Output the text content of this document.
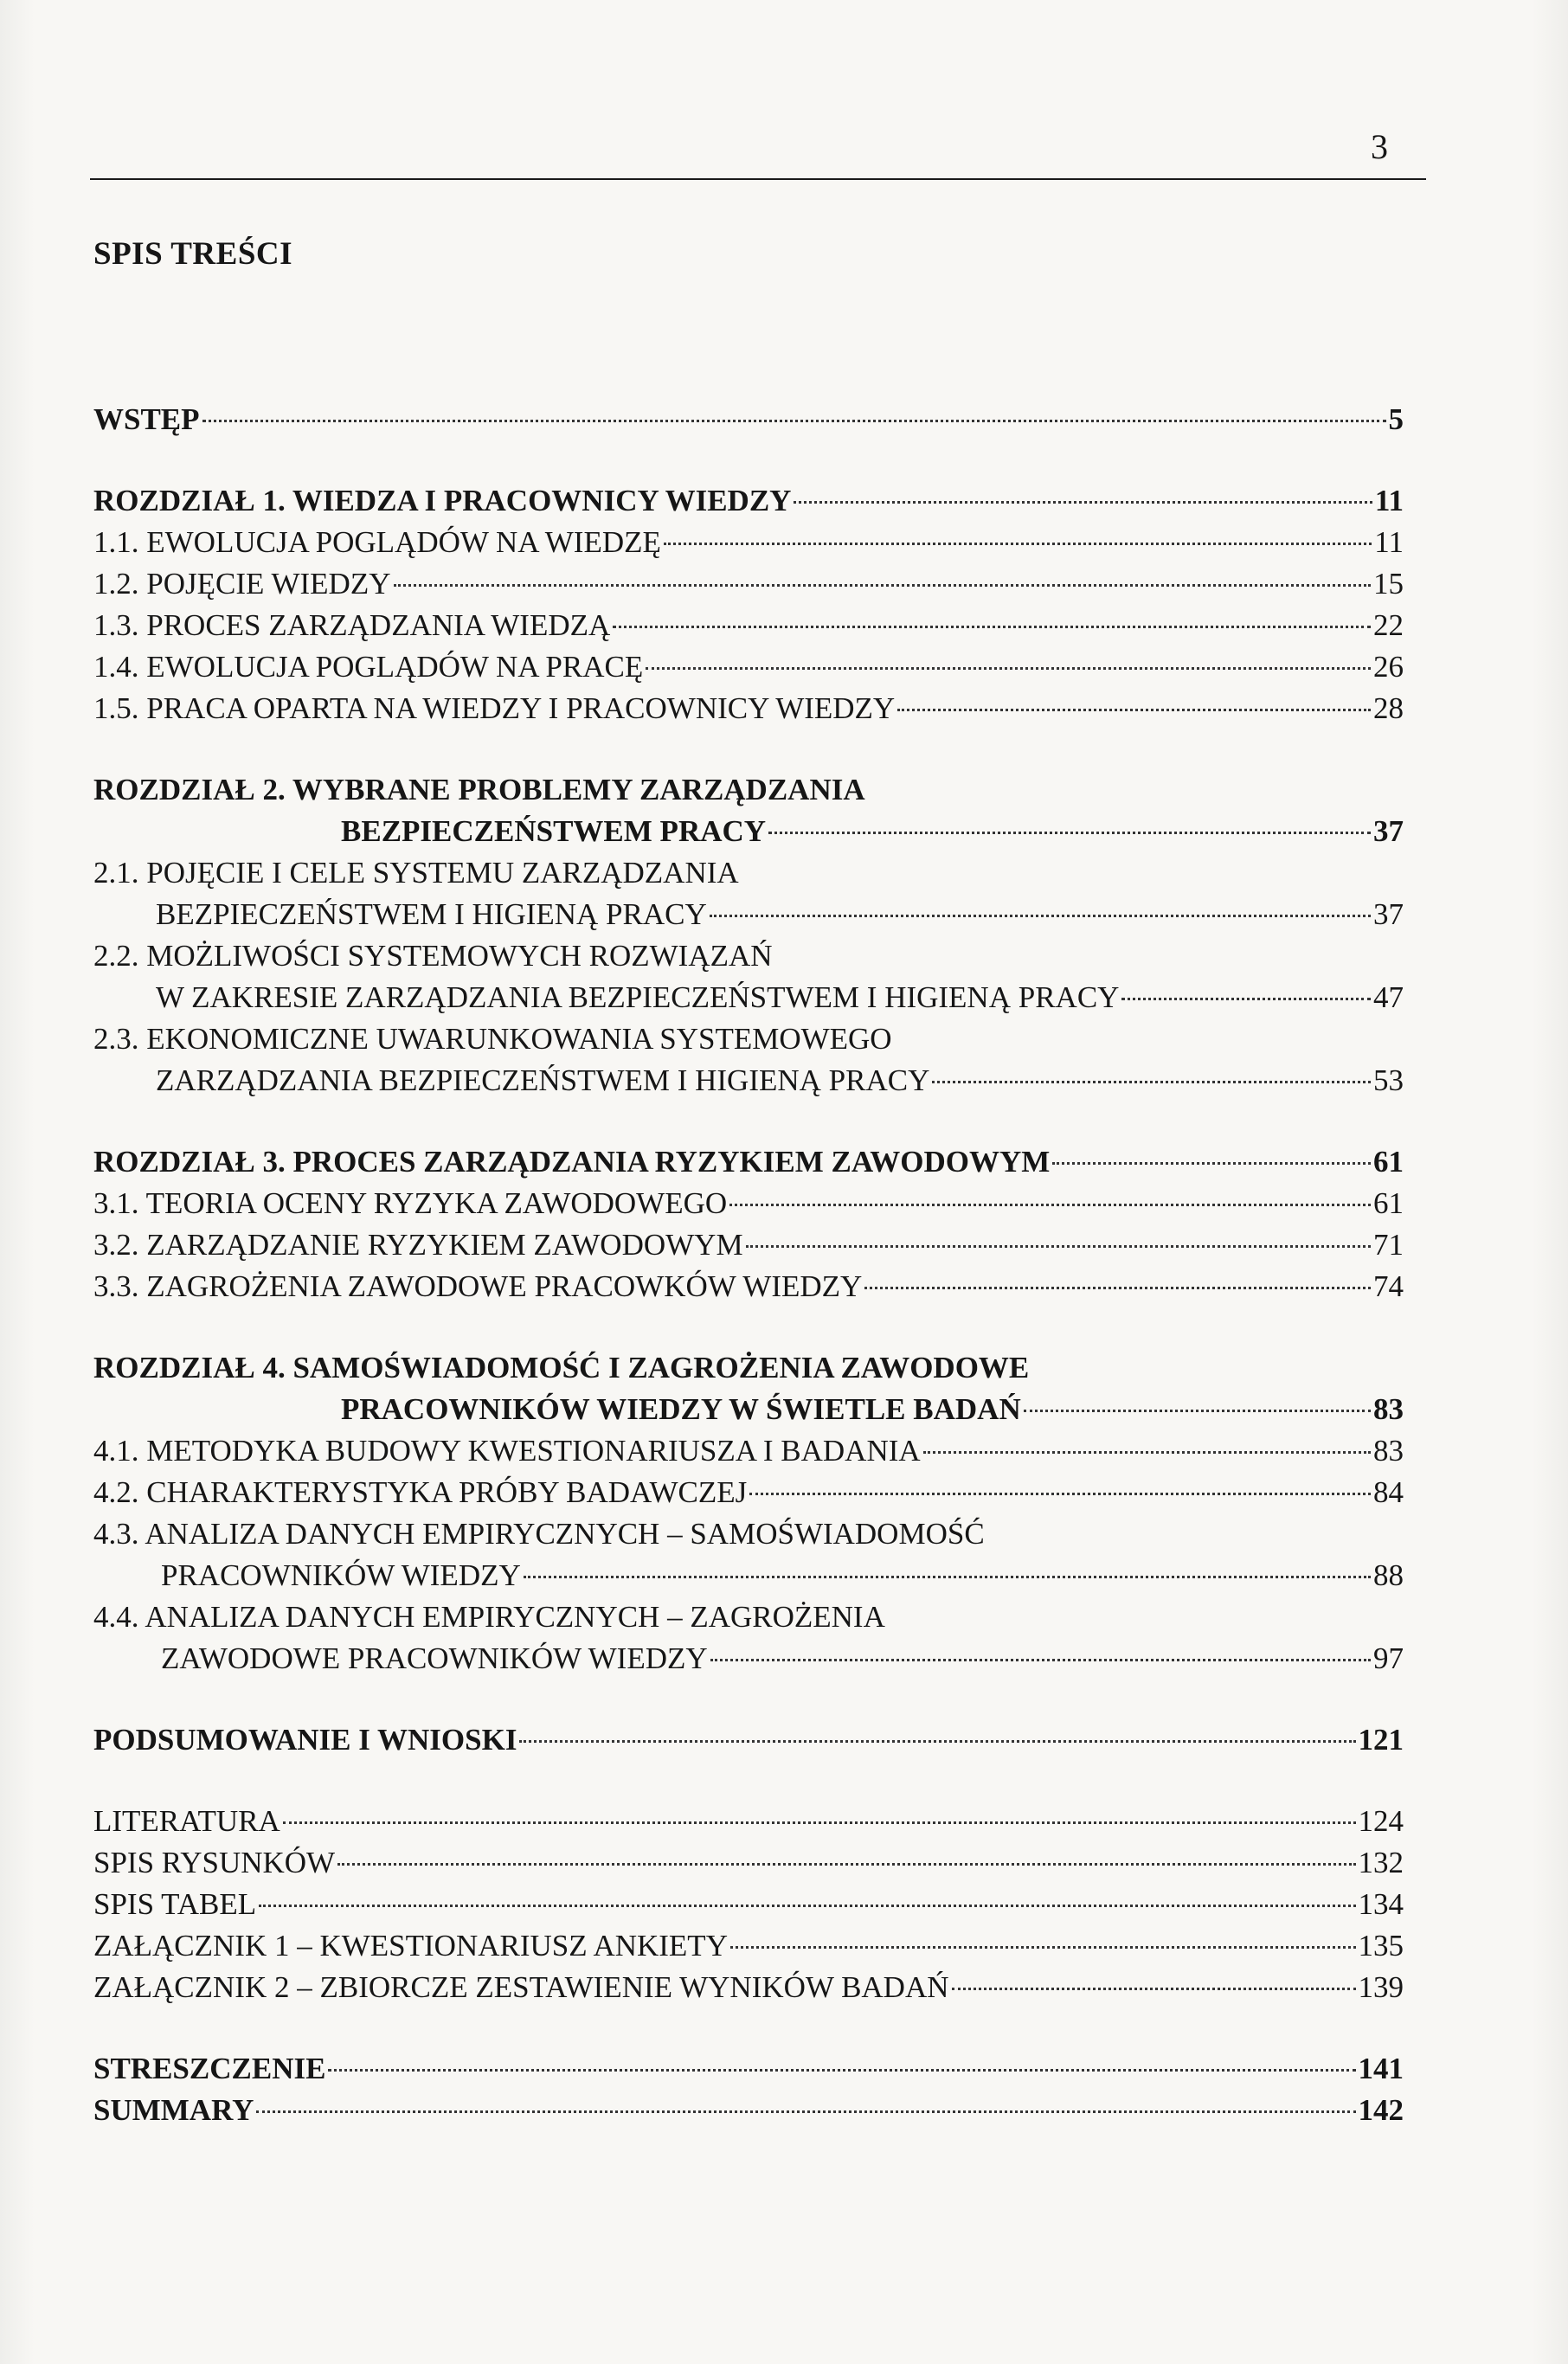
3
SPIS TREŚCI
WSTĘP	5
ROZDZIAŁ 1. WIEDZA I PRACOWNICY WIEDZY	11
1.1. EWOLUCJA POGLĄDÓW NA WIEDZĘ	11
1.2. POJĘCIE WIEDZY	15
1.3. PROCES ZARZĄDZANIA WIEDZĄ	22
1.4. EWOLUCJA POGLĄDÓW NA PRACĘ	26
1.5. PRACA OPARTA NA WIEDZY I PRACOWNICY WIEDZY	28
ROZDZIAŁ 2. WYBRANE PROBLEMY ZARZĄDZANIA
BEZPIECZEŃSTWEM PRACY	37
2.1. POJĘCIE I CELE SYSTEMU ZARZĄDZANIA
BEZPIECZEŃSTWEM I HIGIENĄ PRACY	37
2.2. MOŻLIWOŚCI SYSTEMOWYCH ROZWIĄZAŃ
W ZAKRESIE ZARZĄDZANIA BEZPIECZEŃSTWEM I HIGIENĄ PRACY	47
2.3. EKONOMICZNE UWARUNKOWANIA SYSTEMOWEGO
ZARZĄDZANIA BEZPIECZEŃSTWEM I HIGIENĄ PRACY	53
ROZDZIAŁ 3. PROCES ZARZĄDZANIA RYZYKIEM ZAWODOWYM	61
3.1. TEORIA OCENY RYZYKA ZAWODOWEGO	61
3.2. ZARZĄDZANIE RYZYKIEM ZAWODOWYM	71
3.3. ZAGROŻENIA ZAWODOWE PRACOWKÓW WIEDZY	74
ROZDZIAŁ 4. SAMOŚWIADOMOŚĆ I ZAGROŻENIA ZAWODOWE
PRACOWNIKÓW WIEDZY W ŚWIETLE BADAŃ	83
4.1. METODYKA BUDOWY KWESTIONARIUSZA I BADANIA	83
4.2. CHARAKTERYSTYKA PRÓBY BADAWCZEJ	84
4.3. ANALIZA DANYCH EMPIRYCZNYCH – SAMOŚWIADOMOŚĆ
PRACOWNIKÓW WIEDZY	88
4.4. ANALIZA DANYCH EMPIRYCZNYCH – ZAGROŻENIA
ZAWODOWE PRACOWNIKÓW WIEDZY	97
PODSUMOWANIE I WNIOSKI	121
LITERATURA	124
SPIS RYSUNKÓW	132
SPIS TABEL	134
ZAŁĄCZNIK 1 – KWESTIONARIUSZ ANKIETY	135
ZAŁĄCZNIK 2 – ZBIORCZE ZESTAWIENIE WYNIKÓW BADAŃ	139
STRESZCZENIE	141
SUMMARY	142
